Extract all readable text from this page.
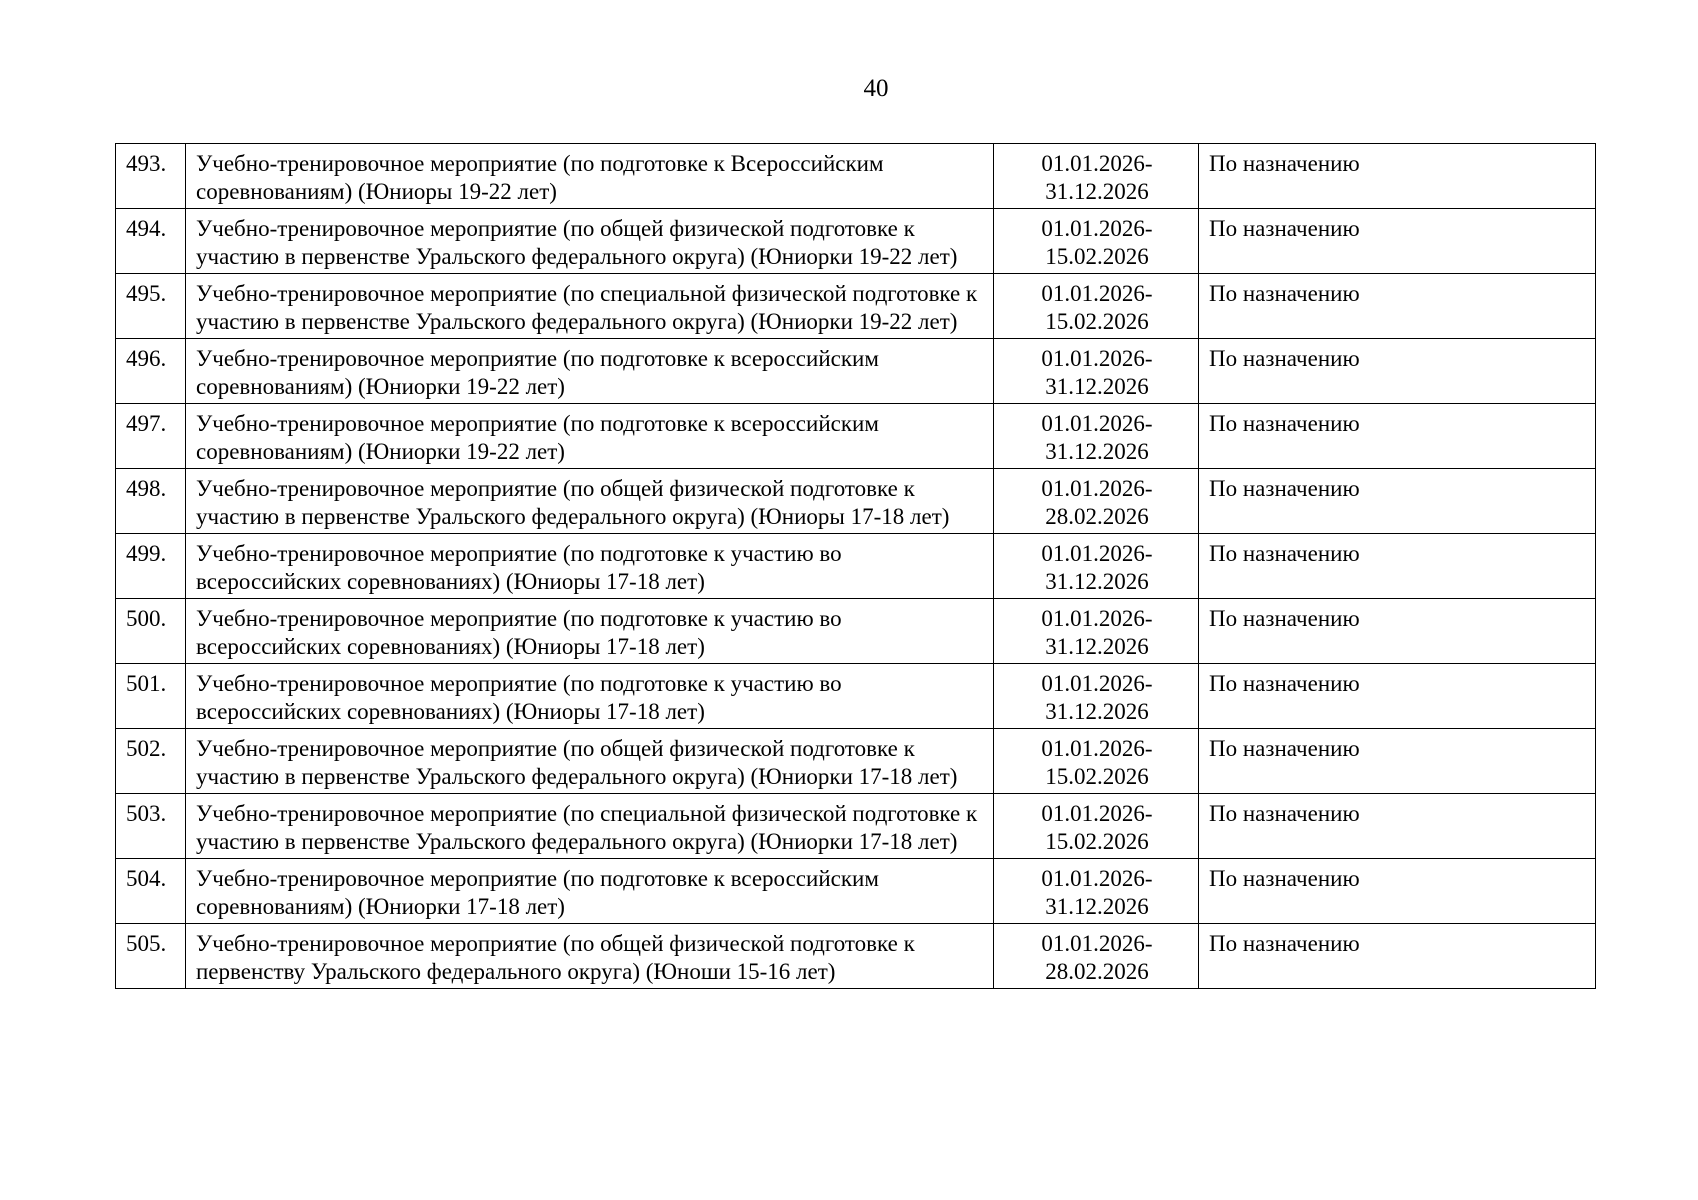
40
493.	Учебно-тренировочное мероприятие (по подготовке к Всероссийским соревнованиям) (Юниоры 19-22 лет)	01.01.2026-
31.12.2026	По назначению
494.	Учебно-тренировочное мероприятие (по общей физической подготовке к участию в первенстве Уральского федерального округа) (Юниорки 19-22 лет)	01.01.2026-
15.02.2026	По назначению
495.	Учебно-тренировочное мероприятие (по специальной физической подготовке к участию в первенстве Уральского федерального округа) (Юниорки 19-22 лет)	01.01.2026-
15.02.2026	По назначению
496.	Учебно-тренировочное мероприятие (по подготовке к всероссийским соревнованиям) (Юниорки 19-22 лет)	01.01.2026-
31.12.2026	По назначению
497.	Учебно-тренировочное мероприятие (по подготовке к всероссийским соревнованиям) (Юниорки 19-22 лет)	01.01.2026-
31.12.2026	По назначению
498.	Учебно-тренировочное мероприятие (по общей физической подготовке к участию в первенстве Уральского федерального округа) (Юниоры 17-18 лет)	01.01.2026-
28.02.2026	По назначению
499.	Учебно-тренировочное мероприятие (по подготовке к участию во всероссийских соревнованиях) (Юниоры 17-18 лет)	01.01.2026-
31.12.2026	По назначению
500.	Учебно-тренировочное мероприятие (по подготовке к участию во всероссийских соревнованиях) (Юниоры 17-18 лет)	01.01.2026-
31.12.2026	По назначению
501.	Учебно-тренировочное мероприятие (по подготовке к участию во всероссийских соревнованиях) (Юниоры 17-18 лет)	01.01.2026-
31.12.2026	По назначению
502.	Учебно-тренировочное мероприятие (по общей физической подготовке к участию в первенстве Уральского федерального округа) (Юниорки 17-18 лет)	01.01.2026-
15.02.2026	По назначению
503.	Учебно-тренировочное мероприятие (по специальной физической подготовке к участию в первенстве Уральского федерального округа) (Юниорки 17-18 лет)	01.01.2026-
15.02.2026	По назначению
504.	Учебно-тренировочное мероприятие (по подготовке к всероссийским соревнованиям) (Юниорки 17-18 лет)	01.01.2026-
31.12.2026	По назначению
505.	Учебно-тренировочное мероприятие (по общей физической подготовке к первенству Уральского федерального округа) (Юноши 15-16 лет)	01.01.2026-
28.02.2026	По назначению
